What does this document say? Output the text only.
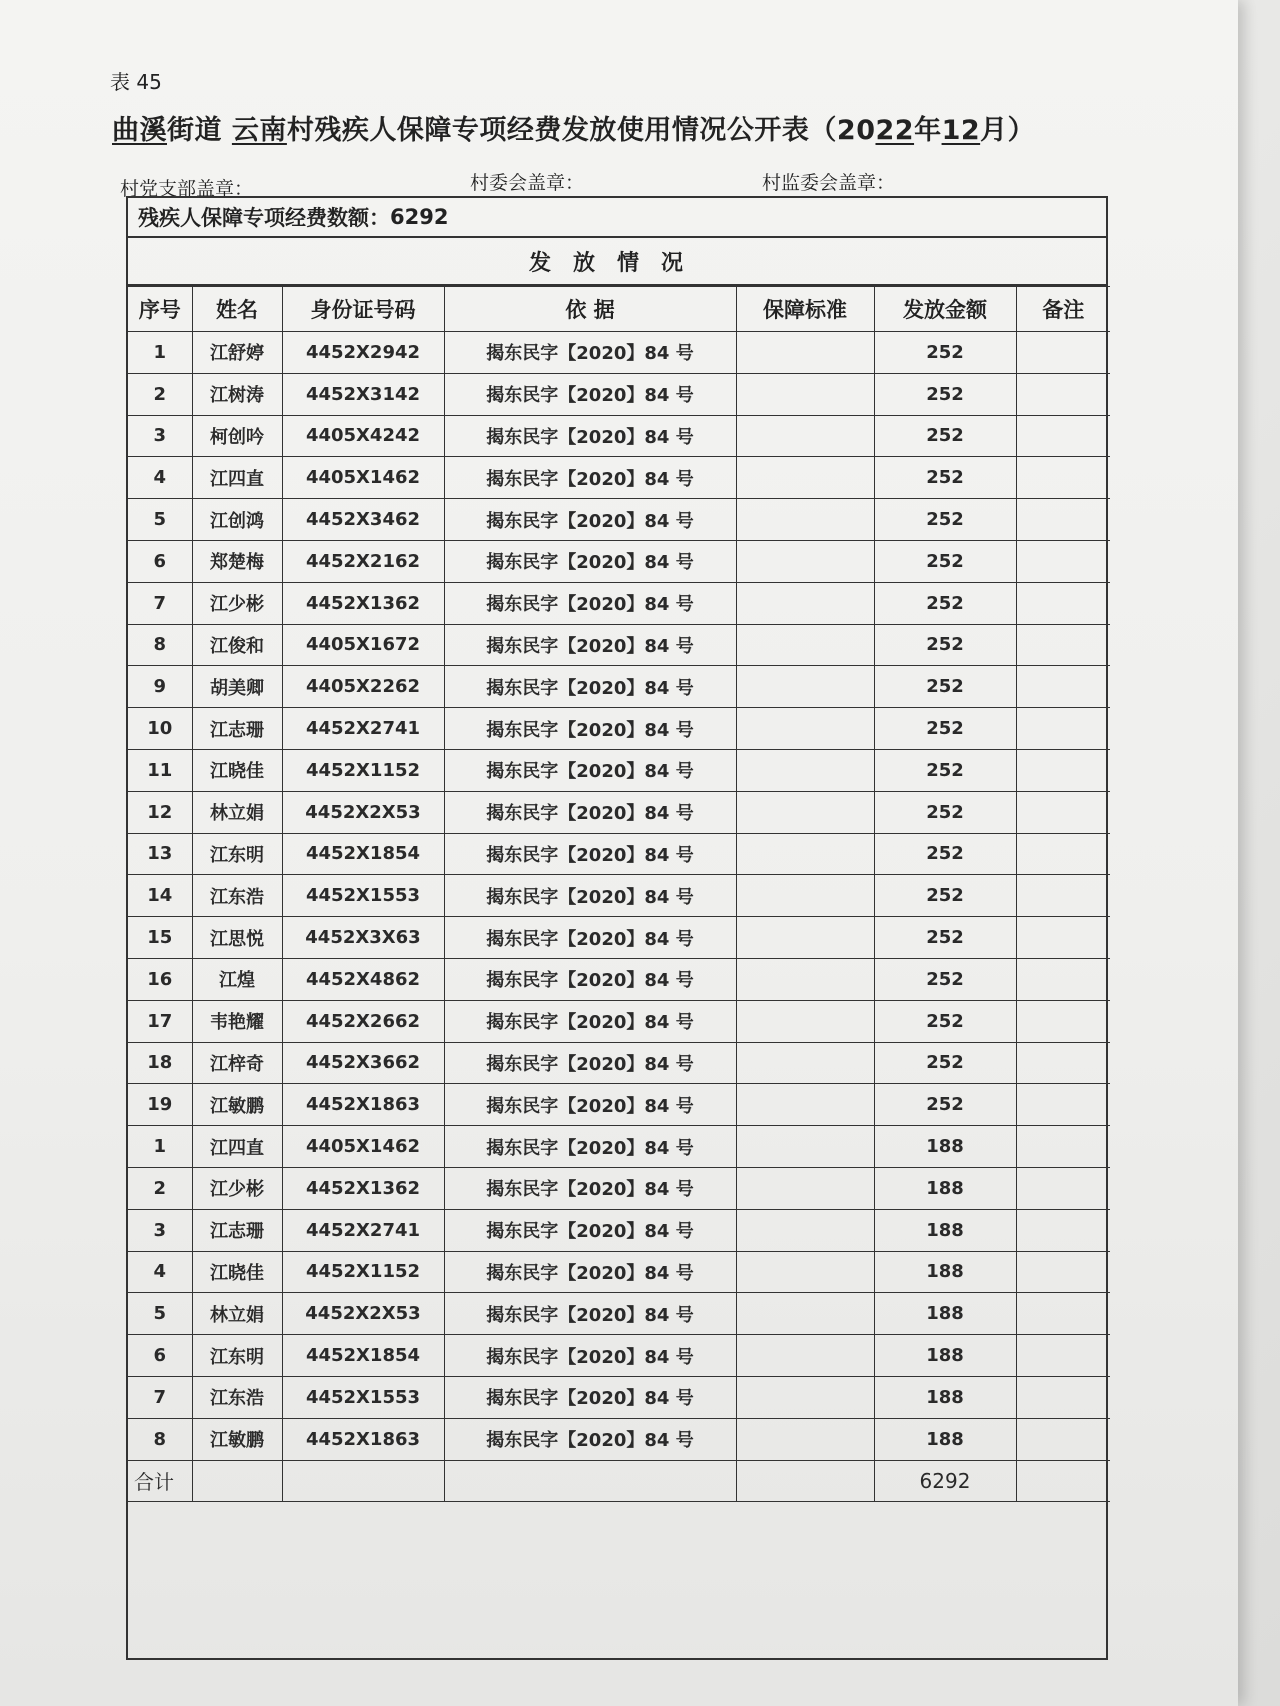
表 45
曲溪街道 云南村残疾人保障专项经费发放使用情况公开表（2022年12月）
村党支部盖章：	村委会盖章：	村监委会盖章：
残疾人保障专项经费数额： 6292
发放情况
序号	姓名	身份证号码	依 据	保障标准	发放金额	备注
1	江舒婷	4452X2942	揭东民字【2020】84 号		252	
2	江树涛	4452X3142	揭东民字【2020】84 号		252	
3	柯创吟	4405X4242	揭东民字【2020】84 号		252	
4	江四直	4405X1462	揭东民字【2020】84 号		252	
5	江创鸿	4452X3462	揭东民字【2020】84 号		252	
6	郑楚梅	4452X2162	揭东民字【2020】84 号		252	
7	江少彬	4452X1362	揭东民字【2020】84 号		252	
8	江俊和	4405X1672	揭东民字【2020】84 号		252	
9	胡美卿	4405X2262	揭东民字【2020】84 号		252	
10	江志珊	4452X2741	揭东民字【2020】84 号		252	
11	江晓佳	4452X1152	揭东民字【2020】84 号		252	
12	林立娟	4452X2X53	揭东民字【2020】84 号		252	
13	江东明	4452X1854	揭东民字【2020】84 号		252	
14	江东浩	4452X1553	揭东民字【2020】84 号		252	
15	江思悦	4452X3X63	揭东民字【2020】84 号		252	
16	江煌	4452X4862	揭东民字【2020】84 号		252	
17	韦艳耀	4452X2662	揭东民字【2020】84 号		252	
18	江梓奇	4452X3662	揭东民字【2020】84 号		252	
19	江敏鹏	4452X1863	揭东民字【2020】84 号		252	
1	江四直	4405X1462	揭东民字【2020】84 号		188	
2	江少彬	4452X1362	揭东民字【2020】84 号		188	
3	江志珊	4452X2741	揭东民字【2020】84 号		188	
4	江晓佳	4452X1152	揭东民字【2020】84 号		188	
5	林立娟	4452X2X53	揭东民字【2020】84 号		188	
6	江东明	4452X1854	揭东民字【2020】84 号		188	
7	江东浩	4452X1553	揭东民字【2020】84 号		188	
8	江敏鹏	4452X1863	揭东民字【2020】84 号		188	
合计					6292	
